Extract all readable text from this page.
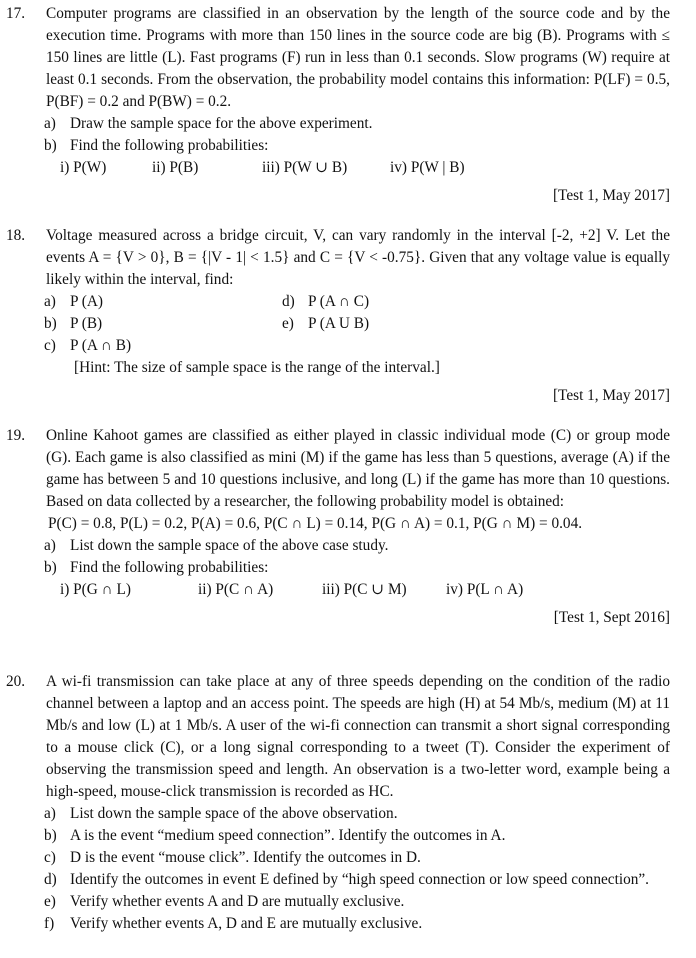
17. Computer programs are classified in an observation by the length of the source code and by the execution time. Programs with more than 150 lines in the source code are big (B). Programs with ≤ 150 lines are little (L). Fast programs (F) run in less than 0.1 seconds. Slow programs (W) require at least 0.1 seconds. From the observation, the probability model contains this information: P(LF) = 0.5, P(BF) = 0.2 and P(BW) = 0.2.
a) Draw the sample space for the above experiment.
b) Find the following probabilities:
i) P(W)	ii) P(B)	iii) P(W ∪ B)	iv) P(W | B)
[Test 1, May 2017]
18. Voltage measured across a bridge circuit, V, can vary randomly in the interval [-2, +2] V. Let the events A = {V > 0}, B = {|V - 1| < 1.5} and C = {V < -0.75}. Given that any voltage value is equally likely within the interval, find:
a) P (A)	d) P (A ∩ C)
b) P (B)	e) P (A U B)
c) P (A ∩ B)
[Hint: The size of sample space is the range of the interval.]
[Test 1, May 2017]
19. Online Kahoot games are classified as either played in classic individual mode (C) or group mode (G). Each game is also classified as mini (M) if the game has less than 5 questions, average (A) if the game has between 5 and 10 questions inclusive, and long (L) if the game has more than 10 questions. Based on data collected by a researcher, the following probability model is obtained:
P(C) = 0.8, P(L) = 0.2, P(A) = 0.6, P(C ∩ L) = 0.14, P(G ∩ A) = 0.1, P(G ∩ M) = 0.04.
a) List down the sample space of the above case study.
b) Find the following probabilities:
i) P(G ∩ L)	ii) P(C ∩ A)	iii) P(C ∪ M)	iv) P(L ∩ A)
[Test 1, Sept 2016]
20. A wi-fi transmission can take place at any of three speeds depending on the condition of the radio channel between a laptop and an access point. The speeds are high (H) at 54 Mb/s, medium (M) at 11 Mb/s and low (L) at 1 Mb/s. A user of the wi-fi connection can transmit a short signal corresponding to a mouse click (C), or a long signal corresponding to a tweet (T). Consider the experiment of observing the transmission speed and length. An observation is a two-letter word, example being a high-speed, mouse-click transmission is recorded as HC.
a) List down the sample space of the above observation.
b) A is the event “medium speed connection”. Identify the outcomes in A.
c) D is the event “mouse click”. Identify the outcomes in D.
d) Identify the outcomes in event E defined by “high speed connection or low speed connection”.
e) Verify whether events A and D are mutually exclusive.
f)	Verify whether events A, D and E are mutually exclusive.
